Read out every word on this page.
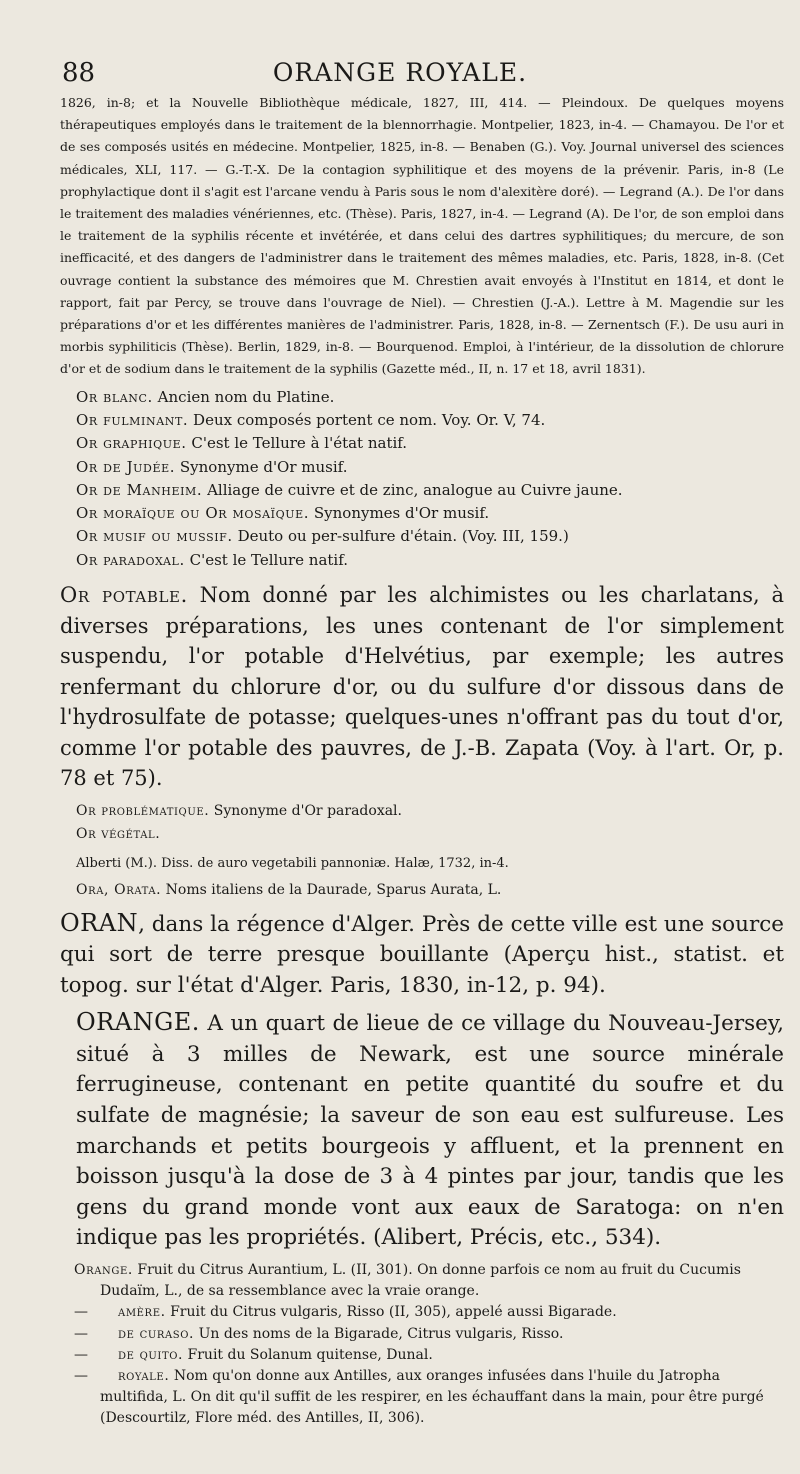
88	ORANGE ROYALE.

1826, in-8; et la Nouvelle Bibliothèque médicale, 1827, III, 414. — Pleindoux. De quelques moyens thérapeutiques employés dans le traitement de la blennorrhagie. Montpelier, 1823, in-4. — Chamayou. De l'or et de ses composés usités en médecine. Montpelier, 1825, in-8. — Benaben (G.). Voy. Journal universel des sciences médicales, XLI, 117. — G.-T.-X. De la contagion syphilitique et des moyens de la prévenir. Paris, in-8 (Le prophylactique dont il s'agit est l'arcane vendu à Paris sous le nom d'alexitère doré). — Legrand (A.). De l'or dans le traitement des maladies vénériennes, etc. (Thèse). Paris, 1827, in-4. — Legrand (A). De l'or, de son emploi dans le traitement de la syphilis récente et invétérée, et dans celui des dartres syphilitiques; du mercure, de son inefficacité, et des dangers de l'administrer dans le traitement des mêmes maladies, etc. Paris, 1828, in-8. (Cet ouvrage contient la substance des mémoires que M. Chrestien avait envoyés à l'Institut en 1814, et dont le rapport, fait par Percy, se trouve dans l'ouvrage de Niel). — Chrestien (J.-A.). Lettre à M. Magendie sur les préparations d'or et les différentes manières de l'administrer. Paris, 1828, in-8. — Zernentsch (F.). De usu auri in morbis syphiliticis (Thèse). Berlin, 1829, in-8. — Bourquenod. Emploi, à l'intérieur, de la dissolution de chlorure d'or et de sodium dans le traitement de la syphilis (Gazette méd., II, n. 17 et 18, avril 1831).

Or blanc. Ancien nom du Platine.

Or fulminant. Deux composés portent ce nom. Voy. Or. V, 74.

Or graphique. C'est le Tellure à l'état natif.

Or de Judée. Synonyme d'Or musif.

Or de Manheim. Alliage de cuivre et de zinc, analogue au Cuivre jaune.

Or moraïque ou Or mosaïque. Synonymes d'Or musif.

Or musif ou mussif. Deuto ou per-sulfure d'étain. (Voy. III, 159.)

Or paradoxal. C'est le Tellure natif.

Or potable. Nom donné par les alchimistes ou les charlatans, à diverses préparations, les unes contenant de l'or simplement suspendu, l'or potable d'Helvétius, par exemple; les autres renfermant du chlorure d'or, ou du sulfure d'or dissous dans de l'hydrosulfate de potasse; quelques-unes n'offrant pas du tout d'or, comme l'or potable des pauvres, de J.-B. Zapata (Voy. à l'art. Or, p. 78 et 75).

Or problématique. Synonyme d'Or paradoxal.

Or végétal.

Alberti (M.). Diss. de auro vegetabili pannoniæ. Halæ, 1732, in-4.

Ora, Orata. Noms italiens de la Daurade, Sparus Aurata, L.

ORAN, dans la régence d'Alger. Près de cette ville est une source qui sort de terre presque bouillante (Aperçu hist., statist. et topog. sur l'état d'Alger. Paris, 1830, in-12, p. 94).

ORANGE. A un quart de lieue de ce village du Nouveau-Jersey, situé à 3 milles de Newark, est une source minérale ferrugineuse, contenant en petite quantité du soufre et du sulfate de magnésie; la saveur de son eau est sulfureuse. Les marchands et petits bourgeois y affluent, et la prennent en boisson jusqu'à la dose de 3 à 4 pintes par jour, tandis que les gens du grand monde vont aux eaux de Saratoga: on n'en indique pas les propriétés. (Alibert, Précis, etc., 534).

Orange. Fruit du Citrus Aurantium, L. (II, 301). On donne parfois ce nom au fruit du Cucumis Dudaïm, L., de sa ressemblance avec la vraie orange.

— amère. Fruit du Citrus vulgaris, Risso (II, 305), appelé aussi Bigarade.

— de curaso. Un des noms de la Bigarade, Citrus vulgaris, Risso.

— de quito. Fruit du Solanum quitense, Dunal.

— royale. Nom qu'on donne aux Antilles, aux oranges infusées dans l'huile du Jatropha multifida, L. On dit qu'il suffit de les respirer, en les échauffant dans la main, pour être purgé (Descourtilz, Flore méd. des Antilles, II, 306).
